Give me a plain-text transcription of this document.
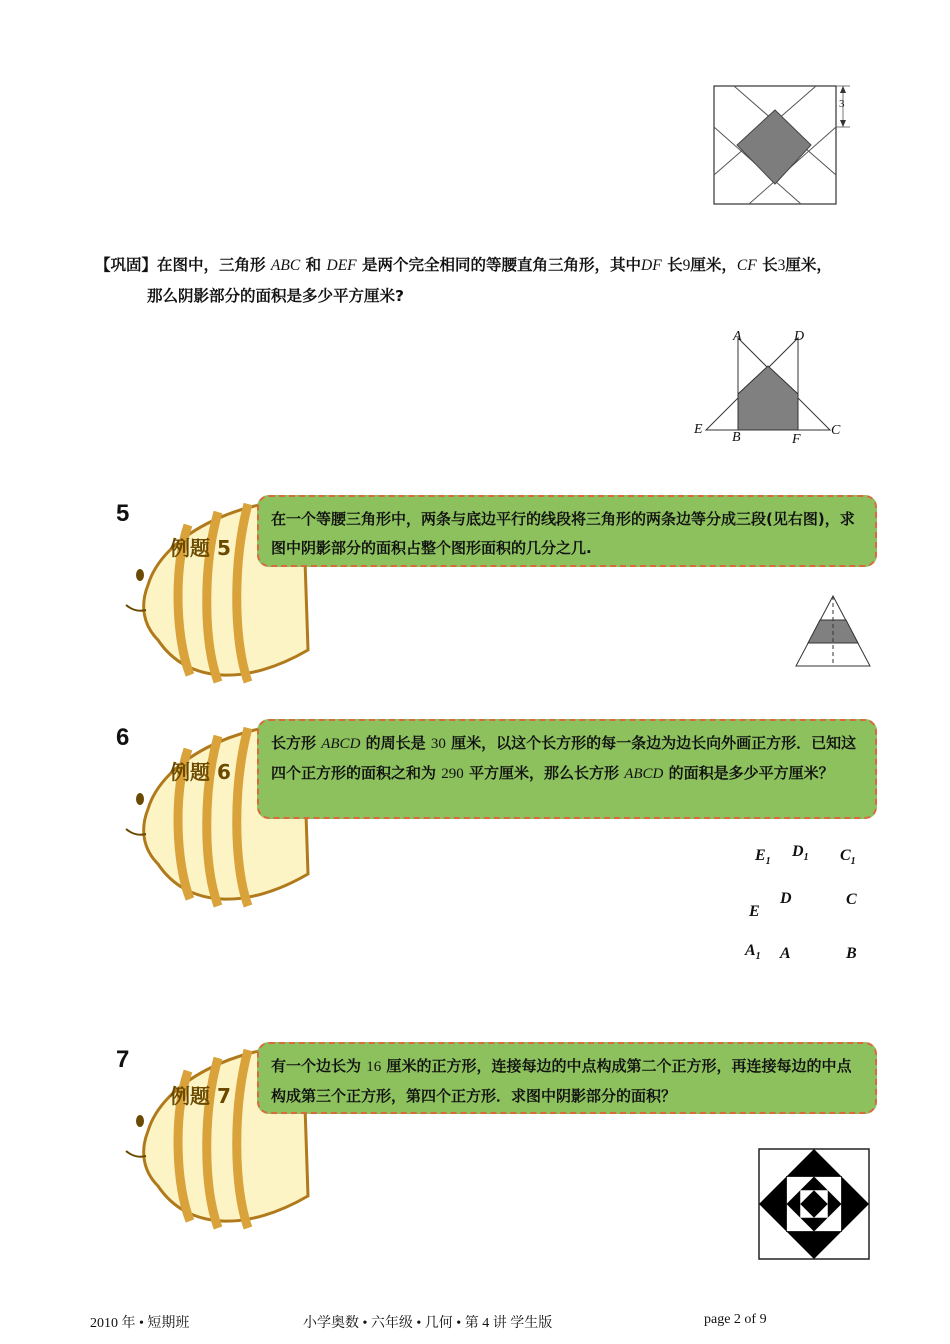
3
【巩固】在图中，三角形 ABC 和 DEF 是两个完全相同的等腰直角三角形，其中DF 长9厘米，CF 长3厘米，
那么阴影部分的面积是多少平方厘米?
A	D
E
B	F
C
5
例题 5
在一个等腰三角形中，两条与底边平行的线段将三角形的两条边等分成三段(见右图)，求图中阴影部分的面积占整个图形面积的几分之几.
6
例题 6
长方形 ABCD 的周长是 30 厘米，以这个长方形的每一条边为边长向外画正方形．已知这四个正方形的面积之和为 290 平方厘米，那么长方形 ABCD 的面积是多少平方厘米？
$E_1$
$D_1$ $C_1$
E
D	C
$A_1$ A	B
7
例题 7
有一个边长为 16 厘米的正方形，连接每边的中点构成第二个正方形，再连接每边的中点构成第三个正方形，第四个正方形．求图中阴影部分的面积？
2010 年 • 短期班	小学奥数 • 六年级 • 几何 • 第 4 讲 学生版	page 2 of 9
